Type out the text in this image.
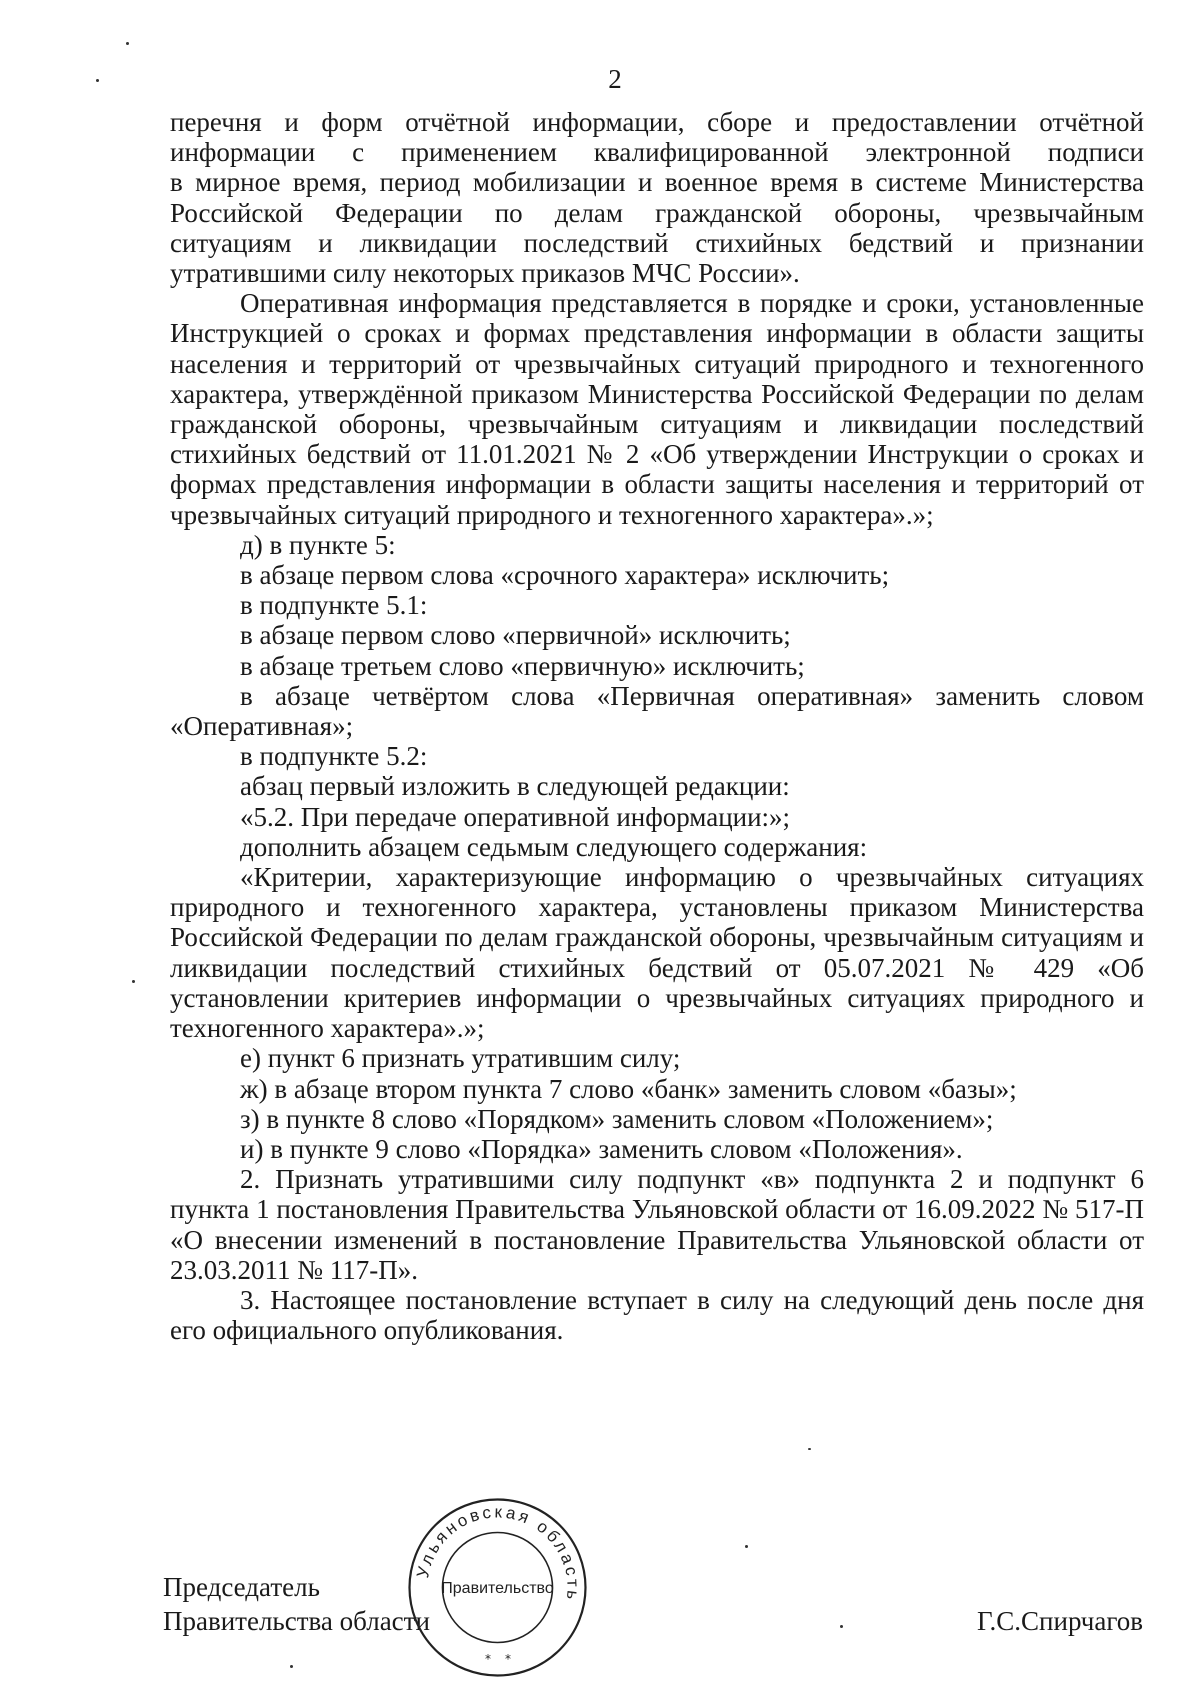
2

перечня и форм отчётной информации, сборе и предоставлении отчётной

информации с применением квалифицированной электронной подписи

в мирное время, период мобилизации и военное время в системе Министерства

Российской Федерации по делам гражданской обороны, чрезвычайным

ситуациям и ликвидации последствий стихийных бедствий и признании

утратившими силу некоторых приказов МЧС России».

Оперативная информация представляется в порядке и сроки, установленные Инструкцией о сроках и формах представления информации в области защиты населения и территорий от чрезвычайных ситуаций природного и техногенного характера, утверждённой приказом Министерства Российской Федерации по делам гражданской обороны, чрезвычайным ситуациям и ликвидации последствий стихийных бедствий от 11.01.2021 № 2 «Об утверждении Инструкции о сроках и формах представления информации в области защиты населения и территорий от чрезвычайных ситуаций природного и техногенного характера».»;

д) в пункте 5:

в абзаце первом слова «срочного характера» исключить;

в подпункте 5.1:

в абзаце первом слово «первичной» исключить;

в абзаце третьем слово «первичную» исключить;

в абзаце четвёртом слова «Первичная оперативная» заменить словом «Оперативная»;

в подпункте 5.2:

абзац первый изложить в следующей редакции:

«5.2. При передаче оперативной информации:»;

дополнить абзацем седьмым следующего содержания:

«Критерии, характеризующие информацию о чрезвычайных ситуациях природного и техногенного характера, установлены приказом Министерства Российской Федерации по делам гражданской обороны, чрезвычайным ситуациям и ликвидации последствий стихийных бедствий от 05.07.2021 № 429 «Об установлении критериев информации о чрезвычайных ситуациях природного и техногенного характера».»;

е) пункт 6 признать утратившим силу;

ж) в абзаце втором пункта 7 слово «банк» заменить словом «базы»;

з) в пункте 8 слово «Порядком» заменить словом «Положением»;

и) в пункте 9 слово «Порядка» заменить словом «Положения».

2. Признать утратившими силу подпункт «в» подпункта 2 и подпункт 6 пункта 1 постановления Правительства Ульяновской области от 16.09.2022 № 517-П «О внесении изменений в постановление Правительства Ульяновской области от 23.03.2011 № 117-П».

3. Настоящее постановление вступает в силу на следующий день после дня его официального опубликования.

Председатель
Правительства области	Г.С.Спирчагов
Ульяновская область
Правительство
* *
